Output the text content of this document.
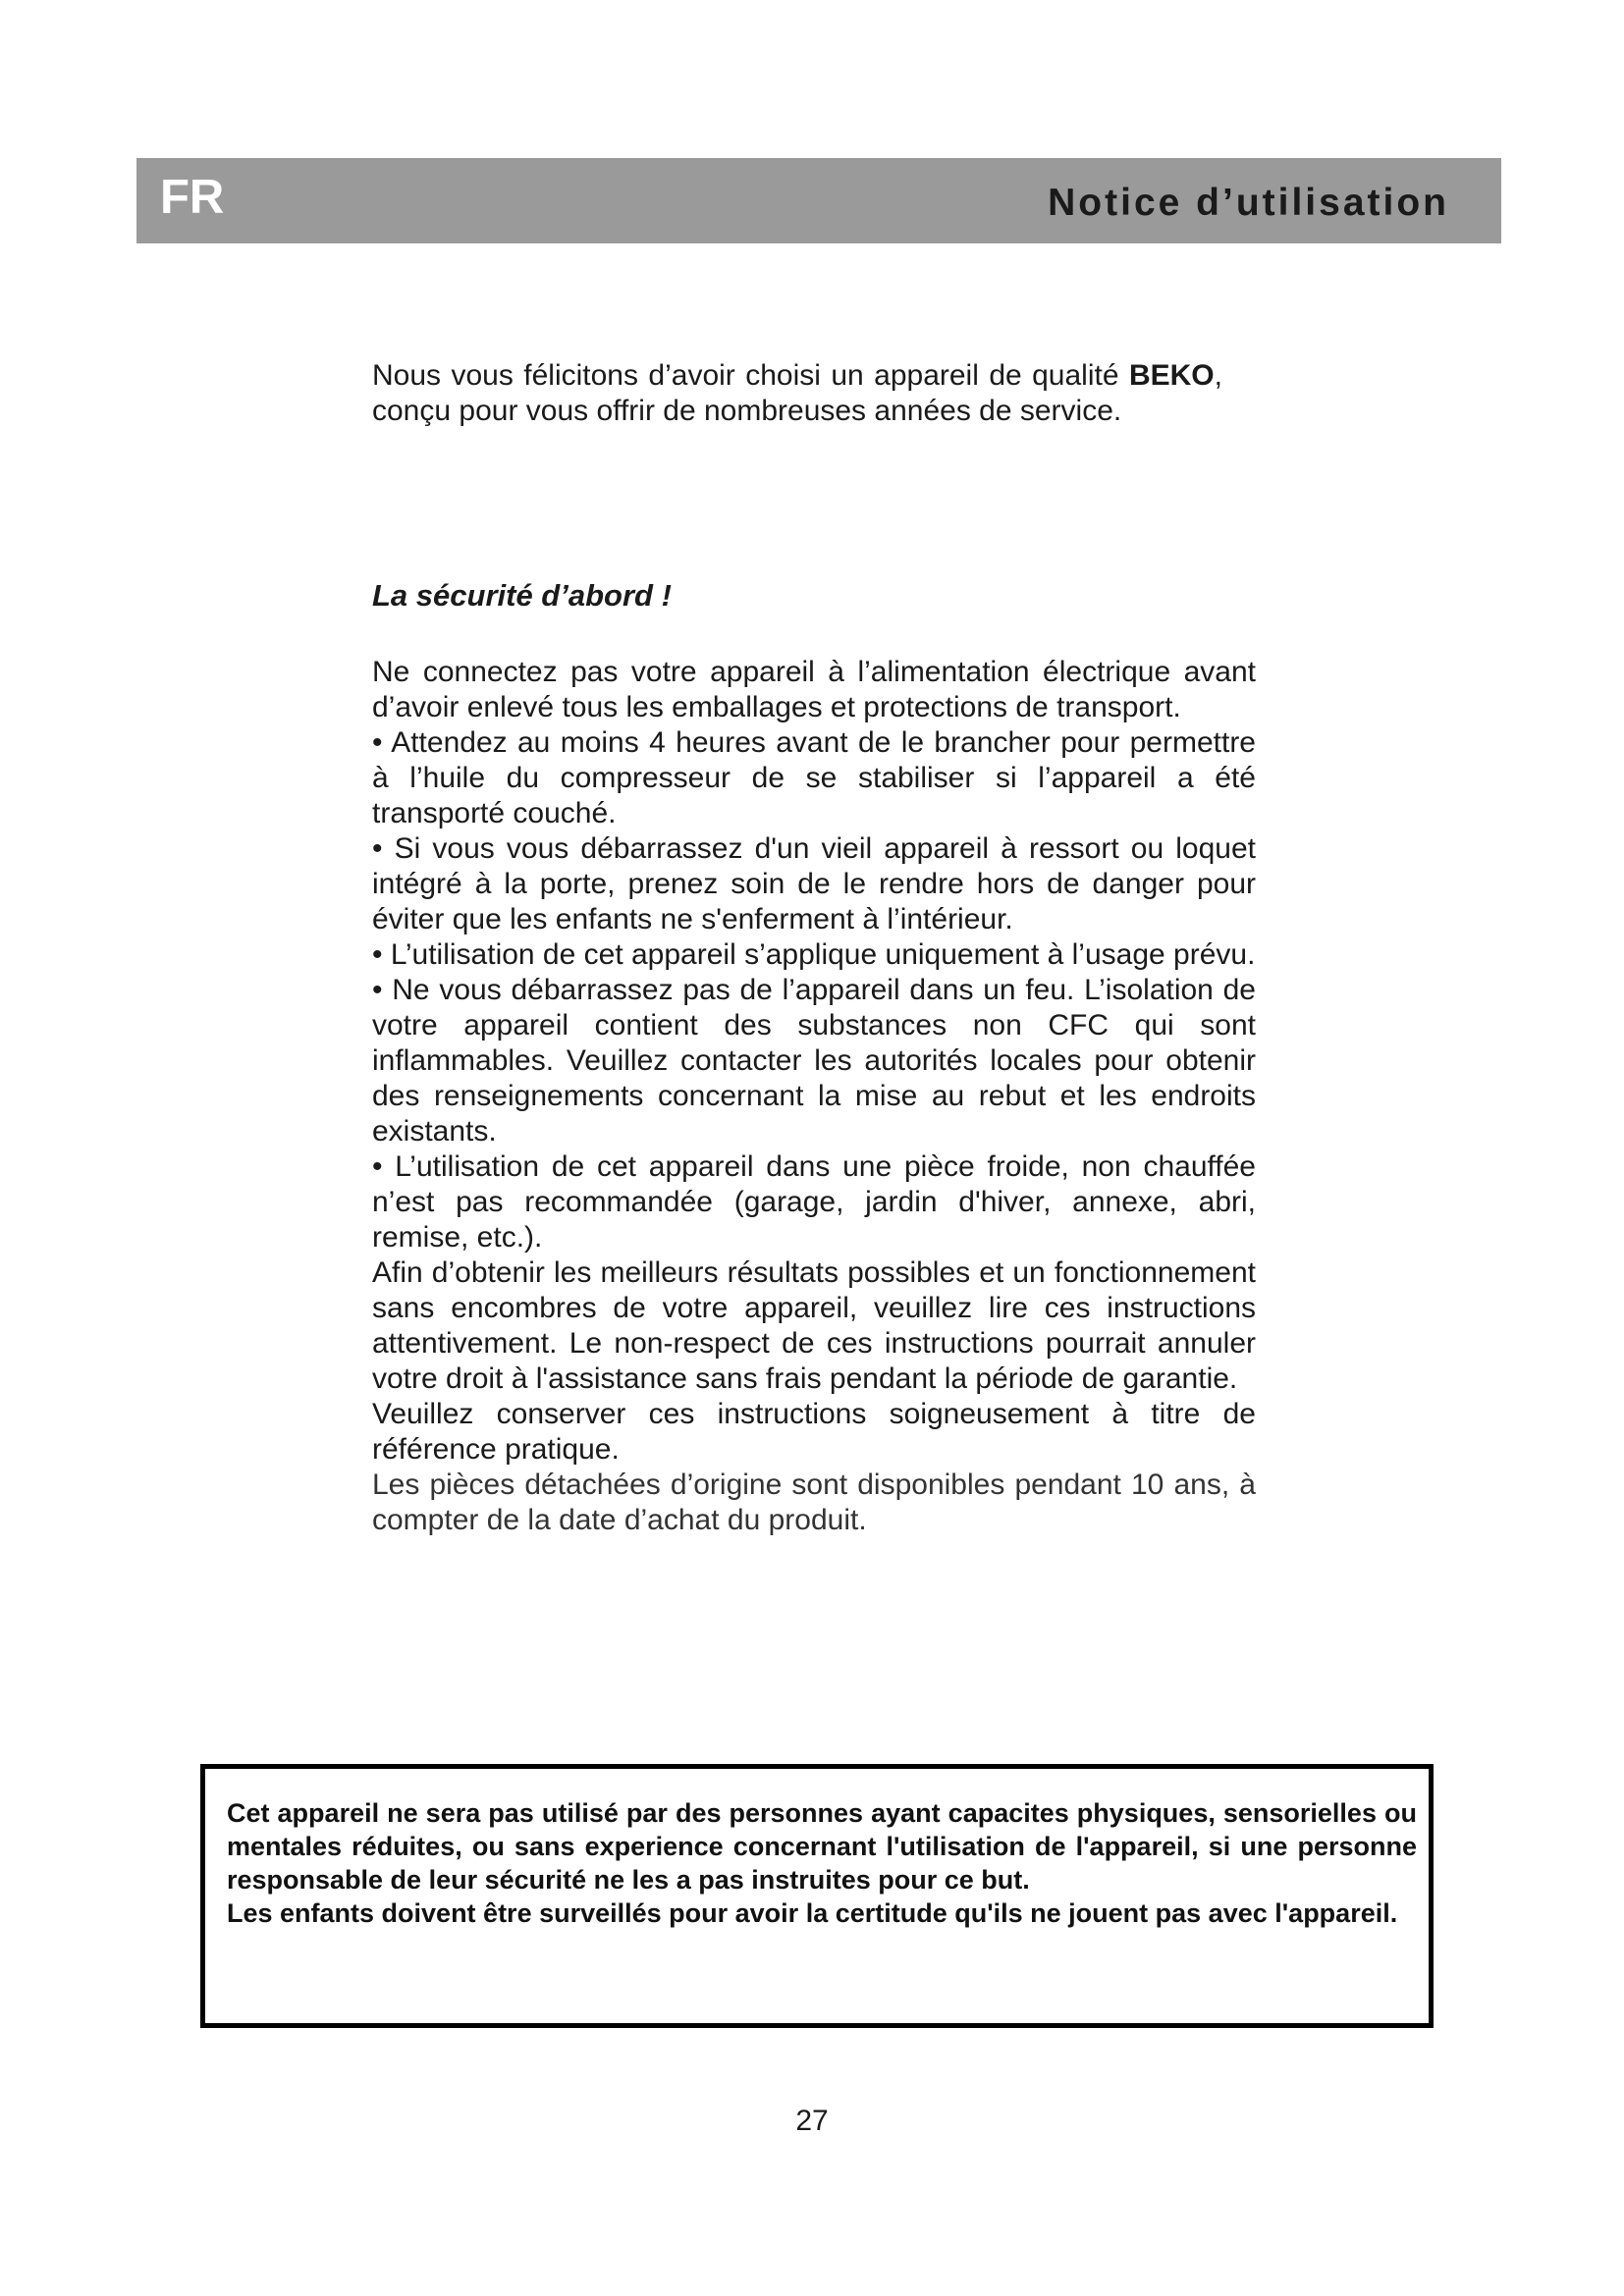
FR	Notice d’utilisation

Nous vous félicitons d’avoir choisi un appareil de qualité BEKO, conçu pour vous offrir de nombreuses années de service.

La sécurité d’abord !

Ne connectez pas votre appareil à l’alimentation électrique avant d’avoir enlevé tous les emballages et protections de transport.

• Attendez au moins 4 heures avant de le brancher pour permettre à l’huile du compresseur de se stabiliser si l’appareil a été transporté couché.

• Si vous vous débarrassez d'un vieil appareil à ressort ou loquet intégré à la porte, prenez soin de le rendre hors de danger pour éviter que les enfants ne s'enferment à l’intérieur.

• L’utilisation de cet appareil s’applique uniquement à l’usage prévu.

• Ne vous débarrassez pas de l’appareil dans un feu. L’isolation de votre appareil contient des substances non CFC qui sont inflammables. Veuillez contacter les autorités locales pour obtenir des renseignements concernant la mise au rebut et les endroits existants.

• L’utilisation de cet appareil dans une pièce froide, non chauffée n’est pas recommandée (garage, jardin d'hiver, annexe, abri, remise, etc.).

Afin d’obtenir les meilleurs résultats possibles et un fonctionnement sans encombres de votre appareil, veuillez lire ces instructions attentivement. Le non-respect de ces instructions pourrait annuler votre droit à l'assistance sans frais pendant la période de garantie.

Veuillez conserver ces instructions soigneusement à titre de référence pratique.

Les pièces détachées d’origine sont disponibles pendant 10 ans, à compter de la date d’achat du produit.

Cet appareil ne sera pas utilisé par des personnes ayant capacites physiques, sensorielles ou mentales réduites, ou sans experience concernant l'utilisation de l'appareil, si une personne responsable de leur sécurité ne les a pas instruites pour ce but.

Les enfants doivent être surveillés pour avoir la certitude qu'ils ne jouent pas avec l'appareil.

27
